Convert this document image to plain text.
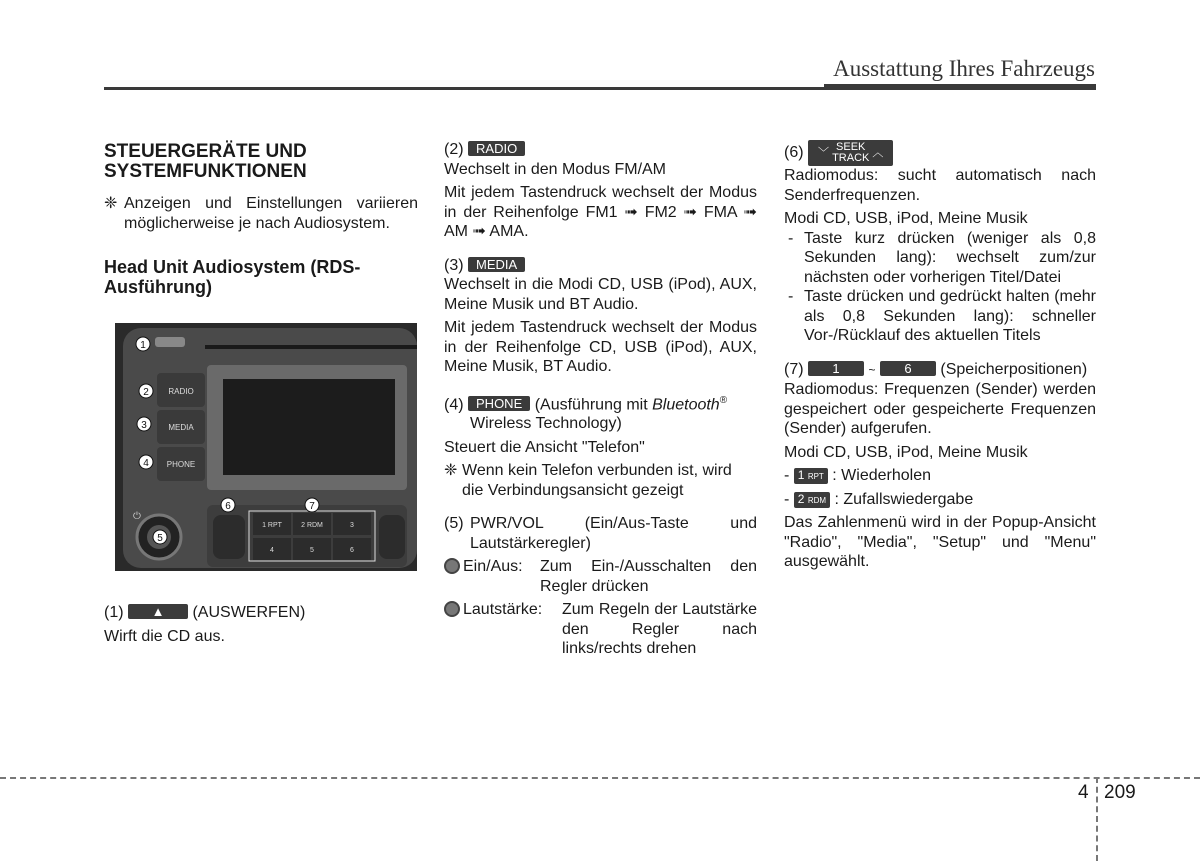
Ausstattung Ihres Fahrzeugs
STEUERGERÄTE UND SYSTEMFUNKTIONEN
❈ Anzeigen und Einstellungen variieren möglicherweise je nach Audiosystem.
Head Unit Audiosystem (RDS-Ausführung)

(1) ▲ (AUSWERFEN)

Wirft die CD aus.

RADIO
MEDIA
PHONE
1 RPT	2 RDM	3
4	5	6
⏻
1
2
3
4
5
6	7

(2) RADIO

Wechselt in den Modus FM/AM

Mit jedem Tastendruck wechselt der Modus in der Reihenfolge FM1 ➟ FM2 ➟ FMA ➟ AM ➟ AMA.

(3) MEDIA

Wechselt in die Modi CD, USB (iPod), AUX, Meine Musik und BT Audio.

Mit jedem Tastendruck wechselt der Modus in der Reihenfolge CD, USB (iPod), AUX, Meine Musik, BT Audio.

(4) PHONE (Ausführung mit Bluetooth®

Wireless Technology)

Steuert die Ansicht "Telefon"

❈ Wenn kein Telefon verbunden ist, wird die Verbindungsansicht gezeigt
(5) PWR/VOL (Ein/Aus-Taste und Lautstärkeregler)
Ein/Aus:	Zum Ein-/Ausschalten den Regler drücken
Lautstärke:	Zum Regeln der Lautstärke den Regler nach links/rechts drehen

(6) ﹀ SEEK
TRACK ︿

Radiomodus: sucht automatisch nach Senderfrequenzen.

Modi CD, USB, iPod, Meine Musik

- Taste kurz drücken (weniger als 0,8 Sekunden lang): wechselt zum/zur nächsten oder vorherigen Titel/Datei
- Taste drücken und gedrückt halten (mehr als 0,8 Sekunden lang): schneller Vor-/Rücklauf des aktuellen Titels

(7) 1 ~ 6 (Speicherpositionen)

Radiomodus: Frequenzen (Sender) werden gespeichert oder gespeicherte Frequenzen (Sender) aufgerufen.

Modi CD, USB, iPod, Meine Musik

- 1 RPT : Wiederholen

- 2 RDM : Zufallswiedergabe

Das Zahlenmenü wird in der Popup-Ansicht "Radio", "Media", "Setup" und "Menu" ausgewählt.

4 209
